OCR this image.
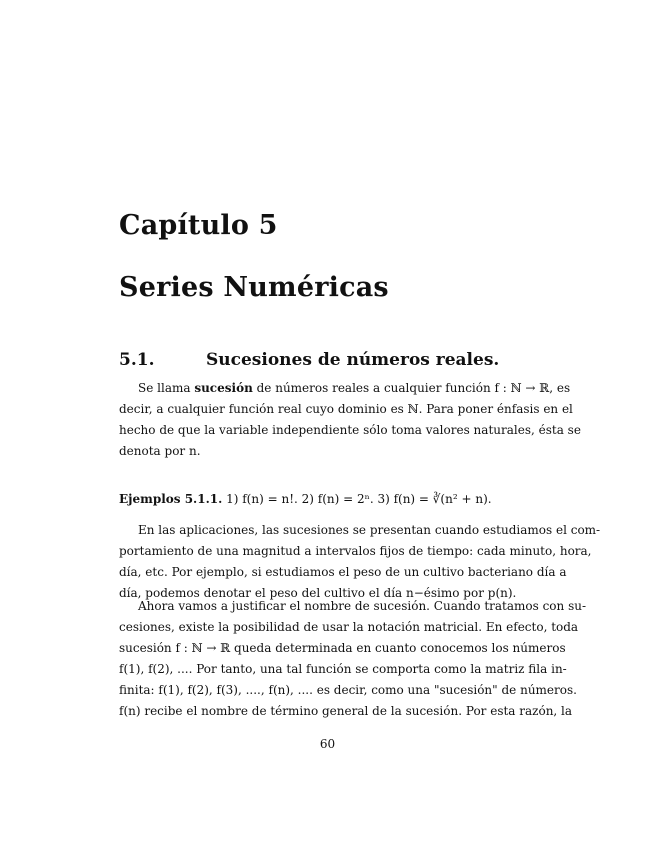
Capítulo 5
Series Numéricas
5.1.	Sucesiones de números reales.
Se llama sucesión de números reales a cualquier función f : ℕ → ℝ, es
decir, a cualquier función real cuyo dominio es ℕ. Para poner énfasis en el
hecho de que la variable independiente sólo toma valores naturales, ésta se
denota por n.
Ejemplos 5.1.1. 1) f(n) = n!. 2) f(n) = 2ⁿ. 3) f(n) = ∛(n² + n).
En las aplicaciones, las sucesiones se presentan cuando estudiamos el com-
portamiento de una magnitud a intervalos fijos de tiempo: cada minuto, hora,
día, etc. Por ejemplo, si estudiamos el peso de un cultivo bacteriano día a
día, podemos denotar el peso del cultivo el día n−ésimo por p(n).
Ahora vamos a justificar el nombre de sucesión. Cuando tratamos con su-
cesiones, existe la posibilidad de usar la notación matricial. En efecto, toda
sucesión f : ℕ → ℝ queda determinada en cuanto conocemos los números
f(1), f(2), .... Por tanto, una tal función se comporta como la matriz fila in-
finita: f(1), f(2), f(3), ...., f(n), .... es decir, como una "sucesión" de números.
f(n) recibe el nombre de término general de la sucesión. Por esta razón, la
60
